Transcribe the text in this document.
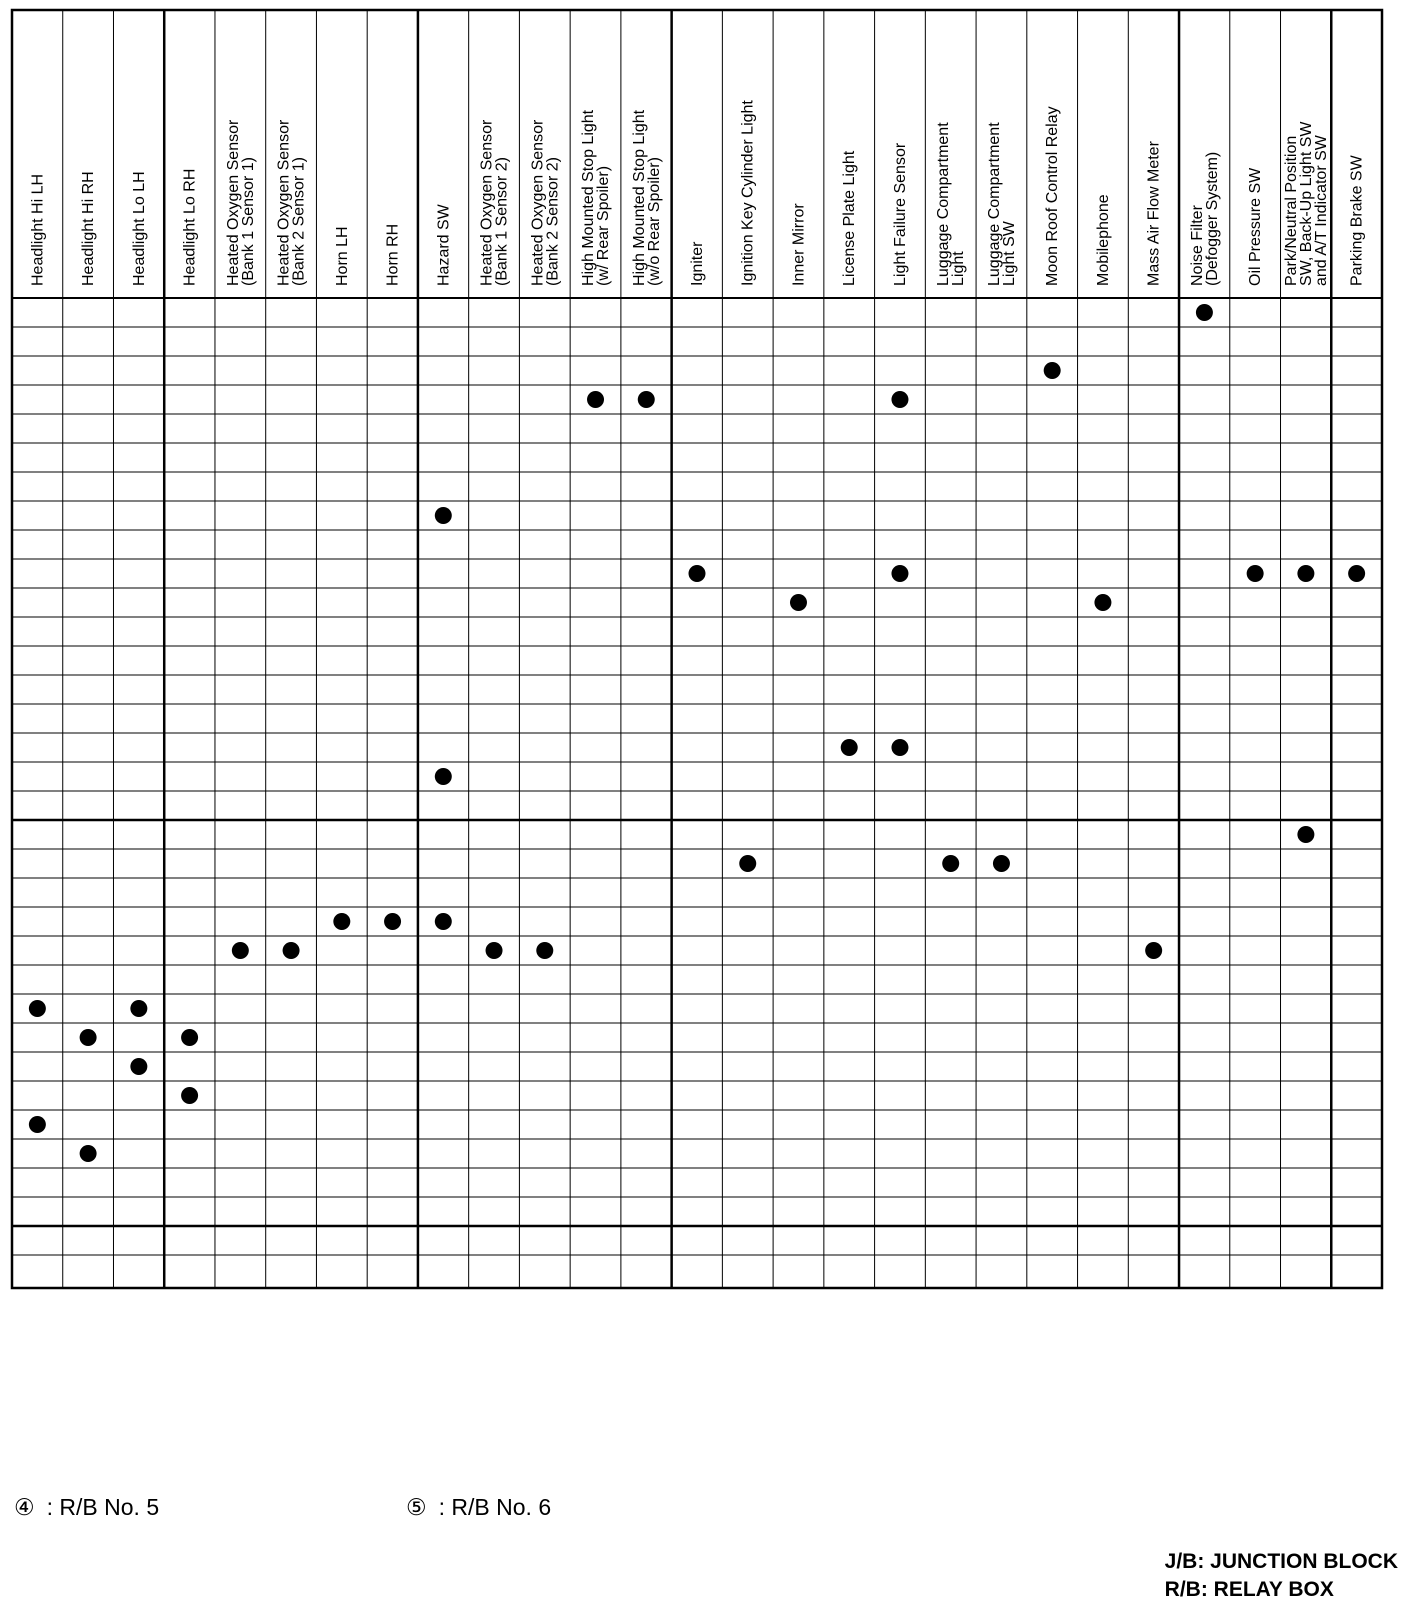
Headlight Hi LH Headlight Hi RH Headlight Lo LH Headlight Lo RH Heated Oxygen Sensor
(Bank 1 Sensor 1) Heated Oxygen Sensor
(Bank 2 Sensor 1) Horn LH Horn RH Hazard SW Heated Oxygen Sensor
(Bank 1 Sensor 2) Heated Oxygen Sensor
(Bank 2 Sensor 2) High Mounted Stop Light
(w/ Rear Spoiler) High Mounted Stop Light
(w/o Rear Spoiler) Igniter Ignition Key Cylinder Light Inner Mirror License Plate Light Light Failure Sensor Luggage Compartment
Light Luggage Compartment
Light SW Moon Roof Control Relay Mobilephone Mass Air Flow Meter Noise Filter
(Defogger System) Oil Pressure SW Park/Neutral Position
SW, Back-Up Light SW
and A/T Indicator SW Parking Brake SW
④ : R/B No. 5	⑤ : R/B No. 6
J/B: JUNCTION BLOCK
R/B: RELAY BOX
